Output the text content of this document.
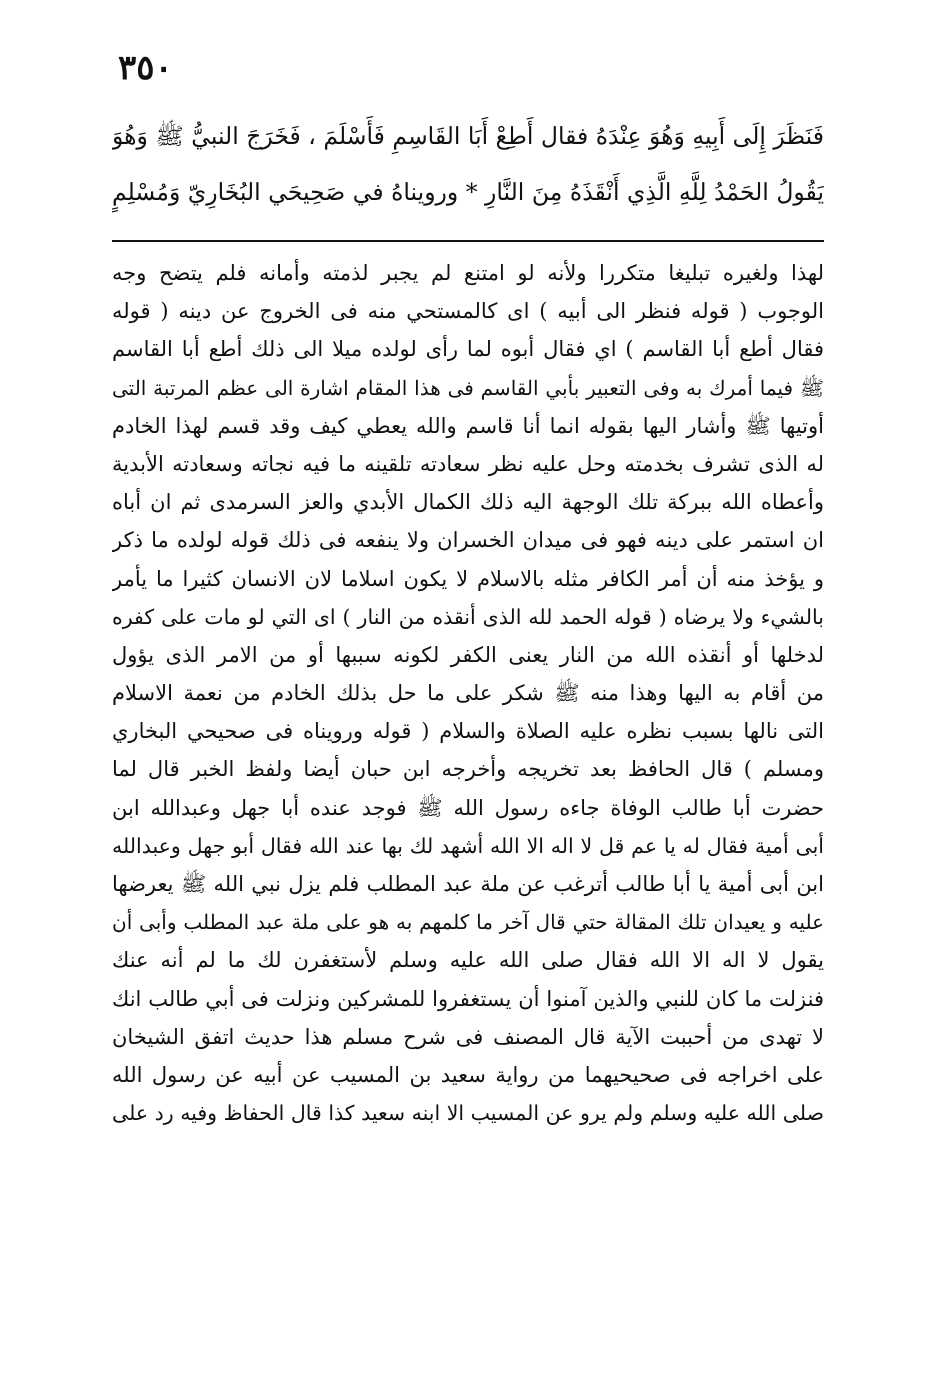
٣٥٠
فَنَظَرَ إِلَى أَبِيهِ وَهُوَ عِنْدَهُ فقال أَطِعْ أَبَا القَاسِمِ فَأَسْلَمَ ، فَخَرَجَ النبيُّ ﷺ وَهُوَ
يَقُولُ الحَمْدُ لِلَّهِ الَّذِي أَنْقَذَهُ مِنَ النَّارِ * ورويناهُ في صَحِيحَي البُخَارِيّ وَمُسْلِمٍ
لهذا ولغيره تبليغا متكررا ولأنه لو امتنع لم يجبر لذمته وأمانه فلم يتضح وجه
الوجوب ( قوله فنظر الى أبيه ) اى كالمستحي منه فى الخروج عن دينه ( قوله
فقال أطع أبا القاسم ) اي فقال أبوه لما رأى لولده ميلا الى ذلك أطع أبا القاسم
ﷺ فيما أمرك به وفى التعبير بأبي القاسم فى هذا المقام اشارة الى عظم المرتبة التى
أوتيها ﷺ وأشار اليها بقوله انما أنا قاسم والله يعطي كيف وقد قسم لهذا الخادم
له الذى تشرف بخدمته وحل عليه نظر سعادته تلقينه ما فيه نجاته وسعادته الأبدية
وأعطاه الله ببركة تلك الوجهة اليه ذلك الكمال الأبدي والعز السرمدى ثم ان أباه
ان استمر على دينه فهو فى ميدان الخسران ولا ينفعه فى ذلك قوله لولده ما ذكر
و يؤخذ منه أن أمر الكافر مثله بالاسلام لا يكون اسلاما لان الانسان كثيرا ما يأمر
بالشيء ولا يرضاه ( قوله الحمد لله الذى أنقذه من النار ) اى التي لو مات على كفره
لدخلها أو أنقذه الله من النار يعنى الكفر لكونه سببها أو من الامر الذى يؤول
من أقام به اليها وهذا منه ﷺ شكر على ما حل بذلك الخادم من نعمة الاسلام
التى نالها بسبب نظره عليه الصلاة والسلام ( قوله ورويناه فى صحيحي البخاري
ومسلم ) قال الحافظ بعد تخريجه وأخرجه ابن حبان أيضا ولفظ الخبر قال لما
حضرت أبا طالب الوفاة جاءه رسول الله ﷺ فوجد عنده أبا جهل وعبدالله ابن
أبى أمية فقال له يا عم قل لا اله الا الله أشهد لك بها عند الله فقال أبو جهل وعبدالله
ابن أبى أمية يا أبا طالب أترغب عن ملة عبد المطلب فلم يزل نبي الله ﷺ يعرضها
عليه و يعيدان تلك المقالة حتي قال آخر ما كلمهم به هو على ملة عبد المطلب وأبى أن
يقول لا اله الا الله فقال صلى الله عليه وسلم لأستغفرن لك ما لم أنه عنك
فنزلت ما كان للنبي والذين آمنوا أن يستغفروا للمشركين ونزلت فى أبي طالب انك
لا تهدى من أحببت الآية قال المصنف فى شرح مسلم هذا حديث اتفق الشيخان
على اخراجه فى صحيحيهما من رواية سعيد بن المسيب عن أبيه عن رسول الله
صلى الله عليه وسلم ولم يرو عن المسيب الا ابنه سعيد كذا قال الحفاظ وفيه رد على
